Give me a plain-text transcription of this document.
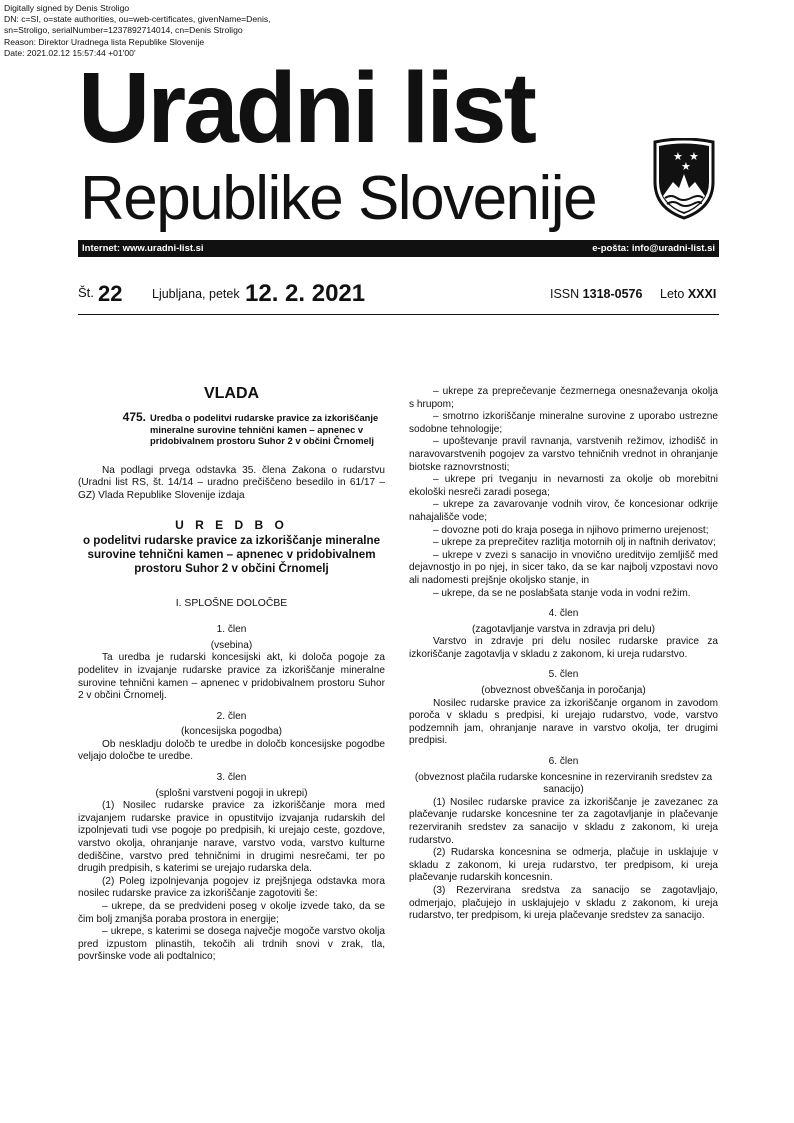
Digitally signed by Denis Stroligo
DN: c=SI, o=state authorities, ou=web-certificates, givenName=Denis,
sn=Stroligo, serialNumber=1237892714014, cn=Denis Stroligo
Reason: Direktor Uradnega lista Republike Slovenije
Date: 2021.02.12 15:57:44 +01'00'
Uradni list
Republike Slovenije
★ ★
★
Internet: www.uradni-list.si	e-pošta: info@uradni-list.si
Št. 22 Ljubljana, petek 12. 2. 2021	ISSN 1318-0576 Leto XXXI

VLADA

475. Uredba o podelitvi rudarske pravice za izkoriščanje mineralne surovine tehnični kamen – apnenec v pridobivalnem prostoru Suhor 2 v občini Črnomelj

Na podlagi prvega odstavka 35. člena Zakona o rudarstvu (Uradni list RS, št. 14/14 – uradno prečiščeno besedilo in 61/17 – GZ) Vlada Republike Slovenije izdaja

U R E D B O

o podelitvi rudarske pravice za izkoriščanje mineralne surovine tehnični kamen – apnenec v pridobivalnem prostoru Suhor 2 v občini Črnomelj

I. SPLOŠNE DOLOČBE

1. člen

(vsebina)

Ta uredba je rudarski koncesijski akt, ki določa pogoje za podelitev in izvajanje rudarske pravice za izkoriščanje mineralne surovine tehnični kamen – apnenec v pridobivalnem prostoru Suhor 2 v občini Črnomelj.

2. člen

(koncesijska pogodba)

Ob neskladju določb te uredbe in določb koncesijske pogodbe veljajo določbe te uredbe.

3. člen

(splošni varstveni pogoji in ukrepi)

(1) Nosilec rudarske pravice za izkoriščanje mora med izvajanjem rudarske pravice in opustitvijo izvajanja rudarskih del izpolnjevati tudi vse pogoje po predpisih, ki urejajo ceste, gozdove, varstvo okolja, ohranjanje narave, varstvo voda, varstvo kulturne dediščine, varstvo pred tehničnimi in drugimi nesrečami, ter po drugih predpisih, s katerimi se urejajo rudarska dela.

(2) Poleg izpolnjevanja pogojev iz prejšnjega odstavka mora nosilec rudarske pravice za izkoriščanje zagotoviti še:

– ukrepe, da se predvideni poseg v okolje izvede tako, da se čim bolj zmanjša poraba prostora in energije;

– ukrepe, s katerimi se dosega največje mogoče varstvo okolja pred izpustom plinastih, tekočih ali trdnih snovi v zrak, tla, površinske vode ali podtalnico;

– ukrepe za preprečevanje čezmernega onesnaževanja okolja s hrupom;

– smotrno izkoriščanje mineralne surovine z uporabo ustrezne sodobne tehnologije;

– upoštevanje pravil ravnanja, varstvenih režimov, izhodišč in naravovarstvenih pogojev za varstvo tehničnih vrednot in ohranjanje biotske raznovrstnosti;

– ukrepe pri tveganju in nevarnosti za okolje ob morebitni ekološki nesreči zaradi posega;

– ukrepe za zavarovanje vodnih virov, če koncesionar odkrije nahajališče vode;

– dovozne poti do kraja posega in njihovo primerno urejenost;

– ukrepe za preprečitev razlitja motornih olj in naftnih derivatov;

– ukrepe v zvezi s sanacijo in vnovično ureditvijo zemljišč med dejavnostjo in po njej, in sicer tako, da se kar najbolj vzpostavi novo ali nadomesti prejšnje okoljsko stanje, in

– ukrepe, da se ne poslabšata stanje voda in vodni režim.

4. člen

(zagotavljanje varstva in zdravja pri delu)

Varstvo in zdravje pri delu nosilec rudarske pravice za izkoriščanje zagotavlja v skladu z zakonom, ki ureja rudarstvo.

5. člen

(obveznost obveščanja in poročanja)

Nosilec rudarske pravice za izkoriščanje organom in zavodom poroča v skladu s predpisi, ki urejajo rudarstvo, vode, varstvo podzemnih jam, ohranjanje narave in varstvo okolja, ter drugimi predpisi.

6. člen

(obveznost plačila rudarske koncesnine in rezerviranih sredstev za sanacijo)

(1) Nosilec rudarske pravice za izkoriščanje je zavezanec za plačevanje rudarske koncesnine ter za zagotavljanje in plačevanje rezerviranih sredstev za sanacijo v skladu z zakonom, ki ureja rudarstvo.

(2) Rudarska koncesnina se odmerja, plačuje in usklajuje v skladu z zakonom, ki ureja rudarstvo, ter predpisom, ki ureja plačevanje rudarskih koncesnin.

(3) Rezervirana sredstva za sanacijo se zagotavljajo, odmerjajo, plačujejo in usklajujejo v skladu z zakonom, ki ureja rudarstvo, ter predpisom, ki ureja plačevanje sredstev za sanacijo.
